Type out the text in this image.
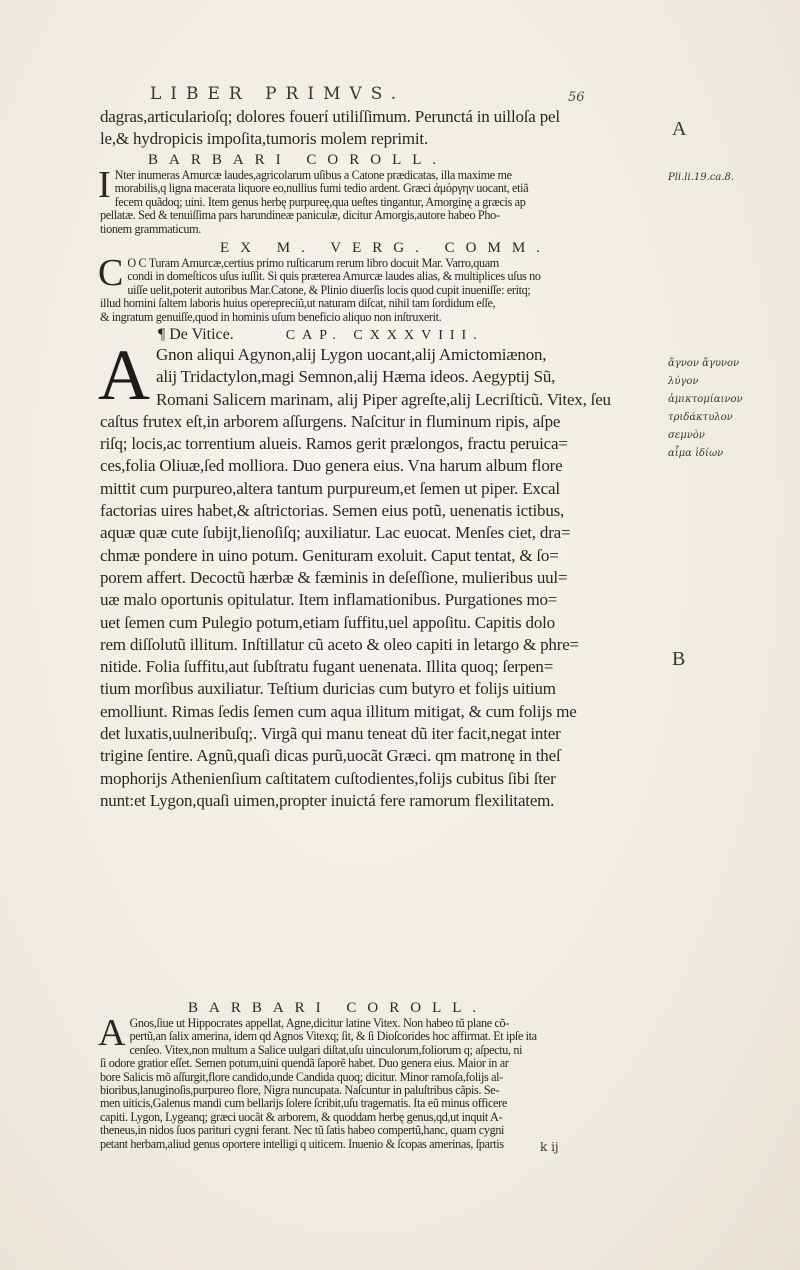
LIBER PRIMVS.	56
dagras,articularioſq; dolores fouerí utiliſſimum. Perunctá in uilloſa pel
le,& hydropicis impoſita,tumoris molem reprimit.
BARBARI COROLL.
I Nter inumeras Amurcæ laudes,agricolarum uſibus a Catone prædicatas, illa maxime me
morabilis,q ligna macerata liquore eo,nullius fumi tedio ardent. Græci ἀμόργην uocant, etiã
fecem quãdoq; uini. Item genus herbę purpureę,qua ueſtes tingantur, Amorginę a græcis ap
pellatæ. Sed & tenuiſſima pars harundineæ paniculæ, dicitur Amorgis,autore habeo Pho-
tionem grammaticum.
EX M. VERG. COMM.
C O C Turam Amurcæ,certius primo ruſticarum rerum libro docuit Mar. Varro,quam
condi in domeſticos uſus iuſſit. Si quis præterea Amurcæ laudes alias, & multiplices uſus no
uiſſe uelit,poterit autoribus Mar.Catone, & Plinio diuerſis locis quod cupit inueniſſe: eritq;
illud homini ſaltem laboris huius operepreciũ,ut naturam diſcat, nihil tam ſordidum eſſe,
& ingratum genuiſſe,quod in hominis uſum beneficio aliquo non inſtruxerit.
¶ De Vitice.	CAP. CXXXVIII.
A Gnon aliqui Agynon,alij Lygon uocant,alij Amictomiænon,
alij Tridactylon,magi Semnon,alij Hæma ideos. Aegyptij Sũ,
Romani Salicem marinam, alij Piper agreſte,alij Lecriſticũ. Vitex, ſeu
caſtus frutex eſt,in arborem aſſurgens. Naſcitur in fluminum ripis, aſpe
riſq; locis,ac torrentium alueis. Ramos gerit prælongos, fractu peruica=
ces,folia Oliuæ,ſed molliora. Duo genera eius. Vna harum album flore
mittit cum purpureo,altera tantum purpureum,et ſemen ut piper. Excal
factorias uires habet,& aſtrictorias. Semen eius potũ, uenenatis ictibus,
aquæ quæ cute ſubijt,lienoſiſq; auxiliatur. Lac euocat. Menſes ciet, dra=
chmæ pondere in uino potum. Genituram exoluit. Caput tentat, & ſo=
porem affert. Decoctũ hærbæ & fæminis in deſeſſione, mulieribus uul=
uæ malo oportunis opitulatur. Item inflamationibus. Purgationes mo=
uet ſemen cum Pulegio potum,etiam ſuffitu,uel appoſitu. Capitis dolo
rem diſſolutũ illitum. Inſtillatur cũ aceto & oleo capiti in letargo & phre=
nitide. Folia ſuffitu,aut ſubſtratu fugant uenenata. Illita quoq; ſerpen=
tium morſibus auxiliatur. Teſtium duricias cum butyro et folijs uitium
emolliunt. Rimas ſedis ſemen cum aqua illitum mitigat, & cum folijs me
det luxatis,uulneribuſq;. Virgã qui manu teneat dũ iter facit,negat inter
trigine ſentire. Agnũ,quaſi dicas purũ,uocãt Græci. qm matronę in theſ
mophorijs Athenienſium caſtitatem cuſtodientes,folijs cubitus ſibi ſter
nunt:et Lygon,quaſi uimen,propter inuictá fere ramorum flexilitatem.
BARBARI COROLL.
A Gnos,ſiue ut Hippocrates appellat, Agne,dicitur latine Vitex. Non habeo tũ plane cõ-
pertũ,an ſalix amerina, idem qd Agnos Vitexq; ſit, & ſi Dioſcorides hoc affirmat. Et ipſe ita
cenſeo. Vitex,non multum a Salice uulgari diſtat,uſu uinculorum,foliorum q; aſpectu, ni
ſi odore gratior eſſet. Semen potum,uini quendã ſaporẽ habet. Duo genera eius. Maior in ar
bore Salicis mõ aſſurgit,flore candido,unde Candida quoq; dicitur. Minor ramoſa,folijs al-
bioribus,lanuginoſis,purpureo flore, Nigra nuncupata. Naſcuntur in paluſtribus cãpis. Se-
men uiticis,Galenus mandi cum bellarijs ſolere ſcribit,uſu tragematis. Ita eũ minus officere
capiti. Lygon, Lygeanq; græci uocãt & arborem, & quoddam herbę genus,qd,ut inquit A-
theneus,in nidos ſuos parituri cygni ferant. Nec tũ ſatis habeo compertũ,hanc, quam cygni
petant herbam,aliud genus oportere intelligi q uiticem. Inuenio & ſcopas amerinas, ſpartis	k ij
A
Pli.li.19.ca.8.
ἄγνον ἄγυνον
λύγον
ἀμικτομίαινον
τριδάκτυλον
σεμνὸν
αἷμα ἰδίων
B
